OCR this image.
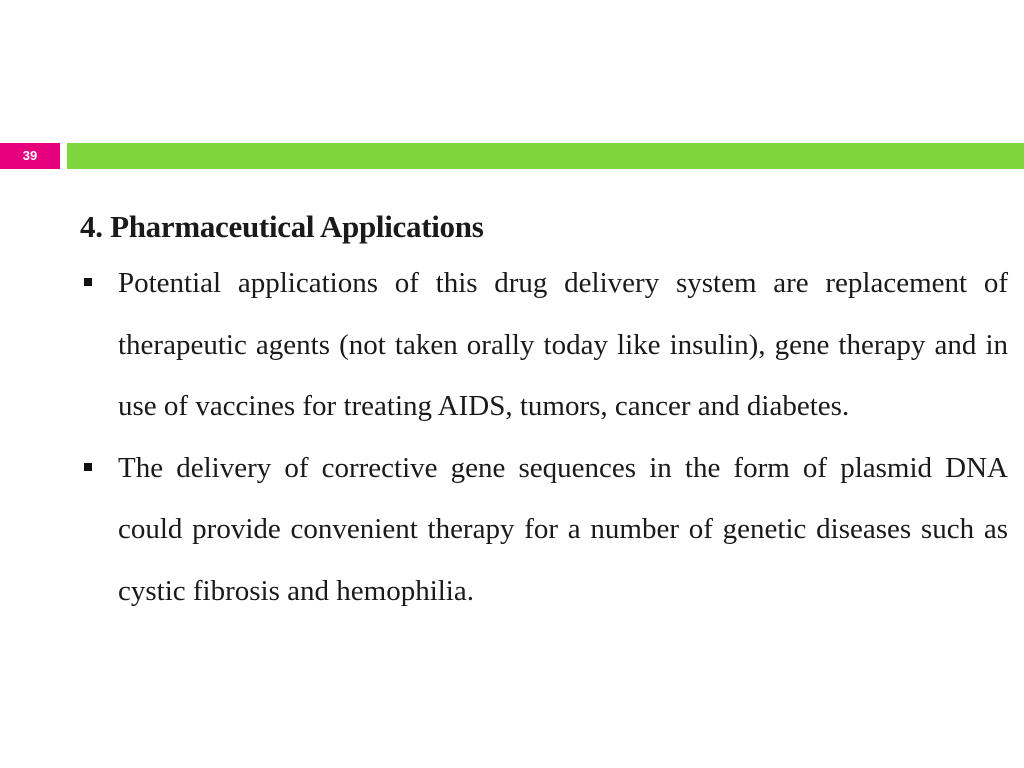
39
4. Pharmaceutical Applications
Potential applications of this drug delivery system are replacement of therapeutic agents (not taken orally today like insulin), gene therapy and in use of vaccines for treating AIDS, tumors, cancer and diabetes.
The delivery of corrective gene sequences in the form of plasmid DNA could provide convenient therapy for a number of genetic diseases such as cystic fibrosis and hemophilia.
